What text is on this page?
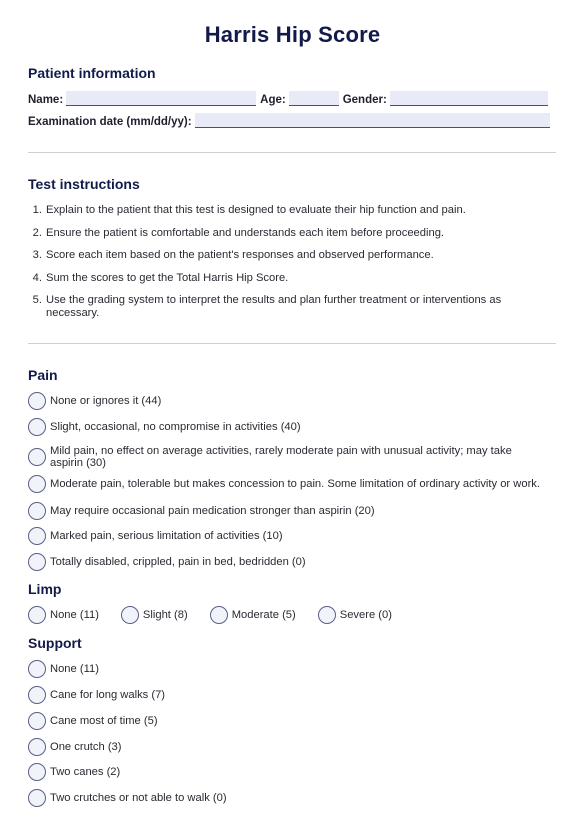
Harris Hip Score
Patient information
Name:	Age:	Gender:
Examination date (mm/dd/yy):
Test instructions
1. Explain to the patient that this test is designed to evaluate their hip function and pain.
2. Ensure the patient is comfortable and understands each item before proceeding.
3. Score each item based on the patient's responses and observed performance.
4. Sum the scores to get the Total Harris Hip Score.
5. Use the grading system to interpret the results and plan further treatment or interventions as necessary.
Pain
None or ignores it (44)
Slight, occasional, no compromise in activities (40)
Mild pain, no effect on average activities, rarely moderate pain with unusual activity; may take aspirin (30)
Moderate pain, tolerable but makes concession to pain. Some limitation of ordinary activity or work.
May require occasional pain medication stronger than aspirin (20)
Marked pain, serious limitation of activities (10)
Totally disabled, crippled, pain in bed, bedridden (0)
Limp
None (11)	Slight (8)	Moderate (5)	Severe (0)
Support
None (11)
Cane for long walks (7)
Cane most of time (5)
One crutch (3)
Two canes (2)
Two crutches or not able to walk (0)
